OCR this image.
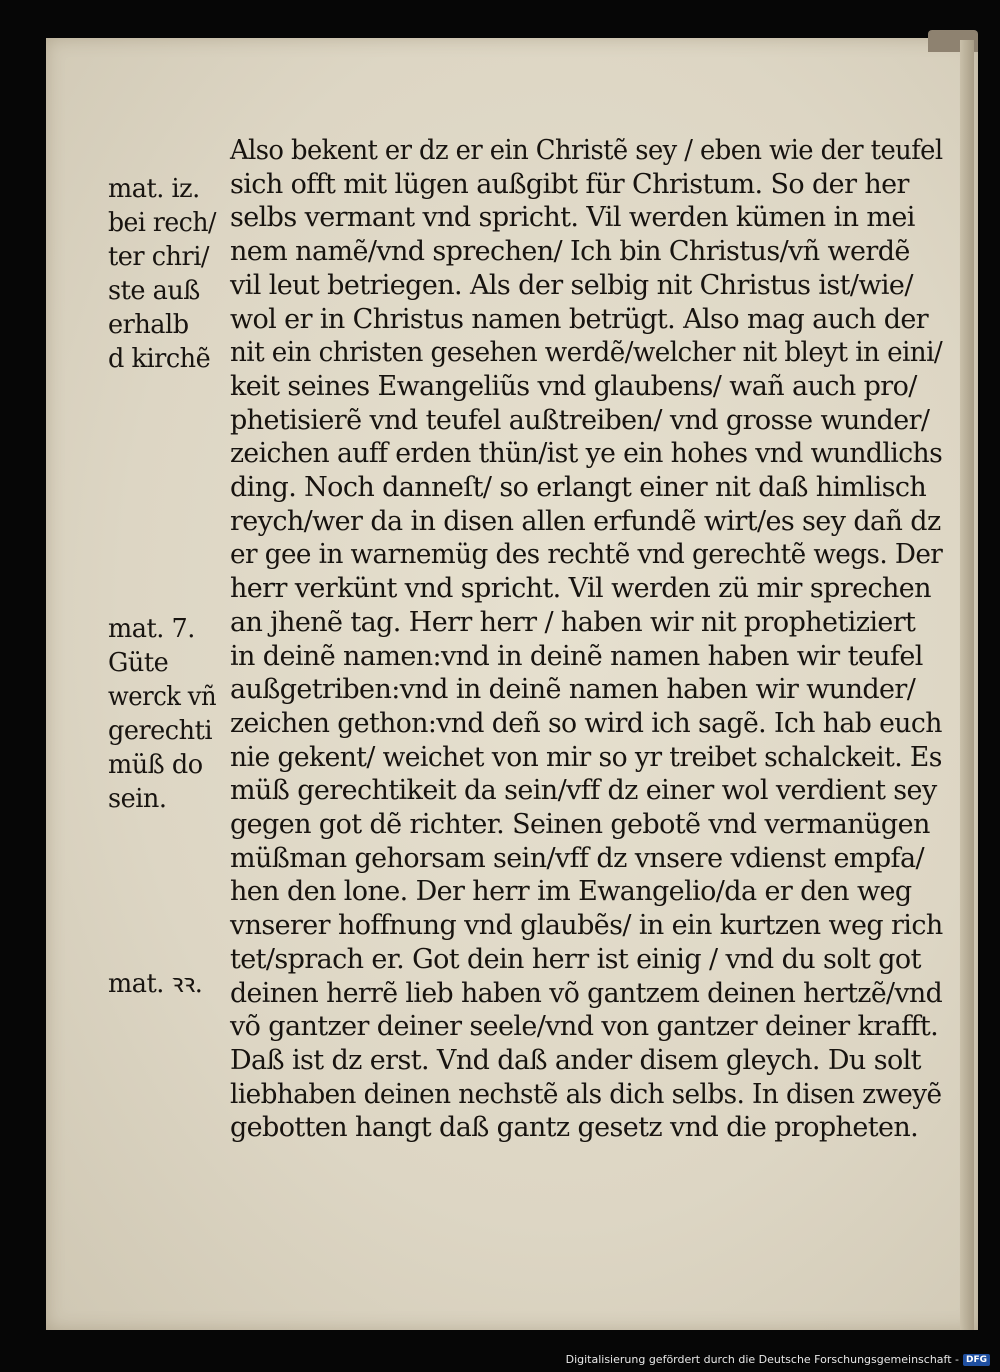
mat. iz.
bei rech/
ter chri/
ste auß
erhalb
d kirchẽ
mat. 7.
Güte
werck vñ
gerechti
müß do
sein.
mat. ꝛꝛ.
Also bekent er dz er ein Christẽ sey / eben wie der teufel
sich offt mit lügen außgibt für Christum. So der her
selbs vermant vnd spricht. Vil werden kümen in mei
nem namẽ/vnd sprechen/ Ich bin Christus/vñ werdẽ
vil leut betriegen. Als der selbig nit Christus ist/wie/
wol er in Christus namen betrügt. Also mag auch der
nit ein christen gesehen werdẽ/welcher nit bleyt in eini/
keit seines Ewangeliũs vnd glaubens/ wañ auch pro/
phetisierẽ vnd teufel außtreiben/ vnd grosse wunder/
zeichen auff erden thün/ist ye ein hohes vnd wundlichs
ding. Noch danneſt/ so erlangt einer nit daß himlisch
reych/wer da in disen allen erfundẽ wirt/es sey dañ dz
er gee in warnemüg des rechtẽ vnd gerechtẽ wegs. Der
herr verkünt vnd spricht. Vil werden zü mir sprechen
an jhenẽ tag. Herr herr / haben wir nit prophetiziert
in deinẽ namen:vnd in deinẽ namen haben wir teufel
außgetriben:vnd in deinẽ namen haben wir wunder/
zeichen gethon:vnd deñ so wird ich sagẽ. Ich hab euch
nie gekent/ weichet von mir so yr treibet schalckeit. Es
müß gerechtikeit da sein/vff dz einer wol verdient sey
gegen got dẽ richter. Seinen gebotẽ vnd vermanügen
müßman gehorsam sein/vff dz vnsere vdienst empfa/
hen den lone. Der herr im Ewangelio/da er den weg
vnserer hoffnung vnd glaubẽs/ in ein kurtzen weg rich
tet/sprach er. Got dein herr ist einig / vnd du solt got
deinen herrẽ lieb haben võ gantzem deinen hertzẽ/vnd
võ gantzer deiner seele/vnd von gantzer deiner krafft.
Daß ist dz erst. Vnd daß ander disem gleych. Du solt
liebhaben deinen nechstẽ als dich selbs. In disen zweyẽ
gebotten hangt daß gantz gesetz vnd die propheten.
Digitalisierung gefördert durch die Deutsche Forschungsgemeinschaft - DFG
